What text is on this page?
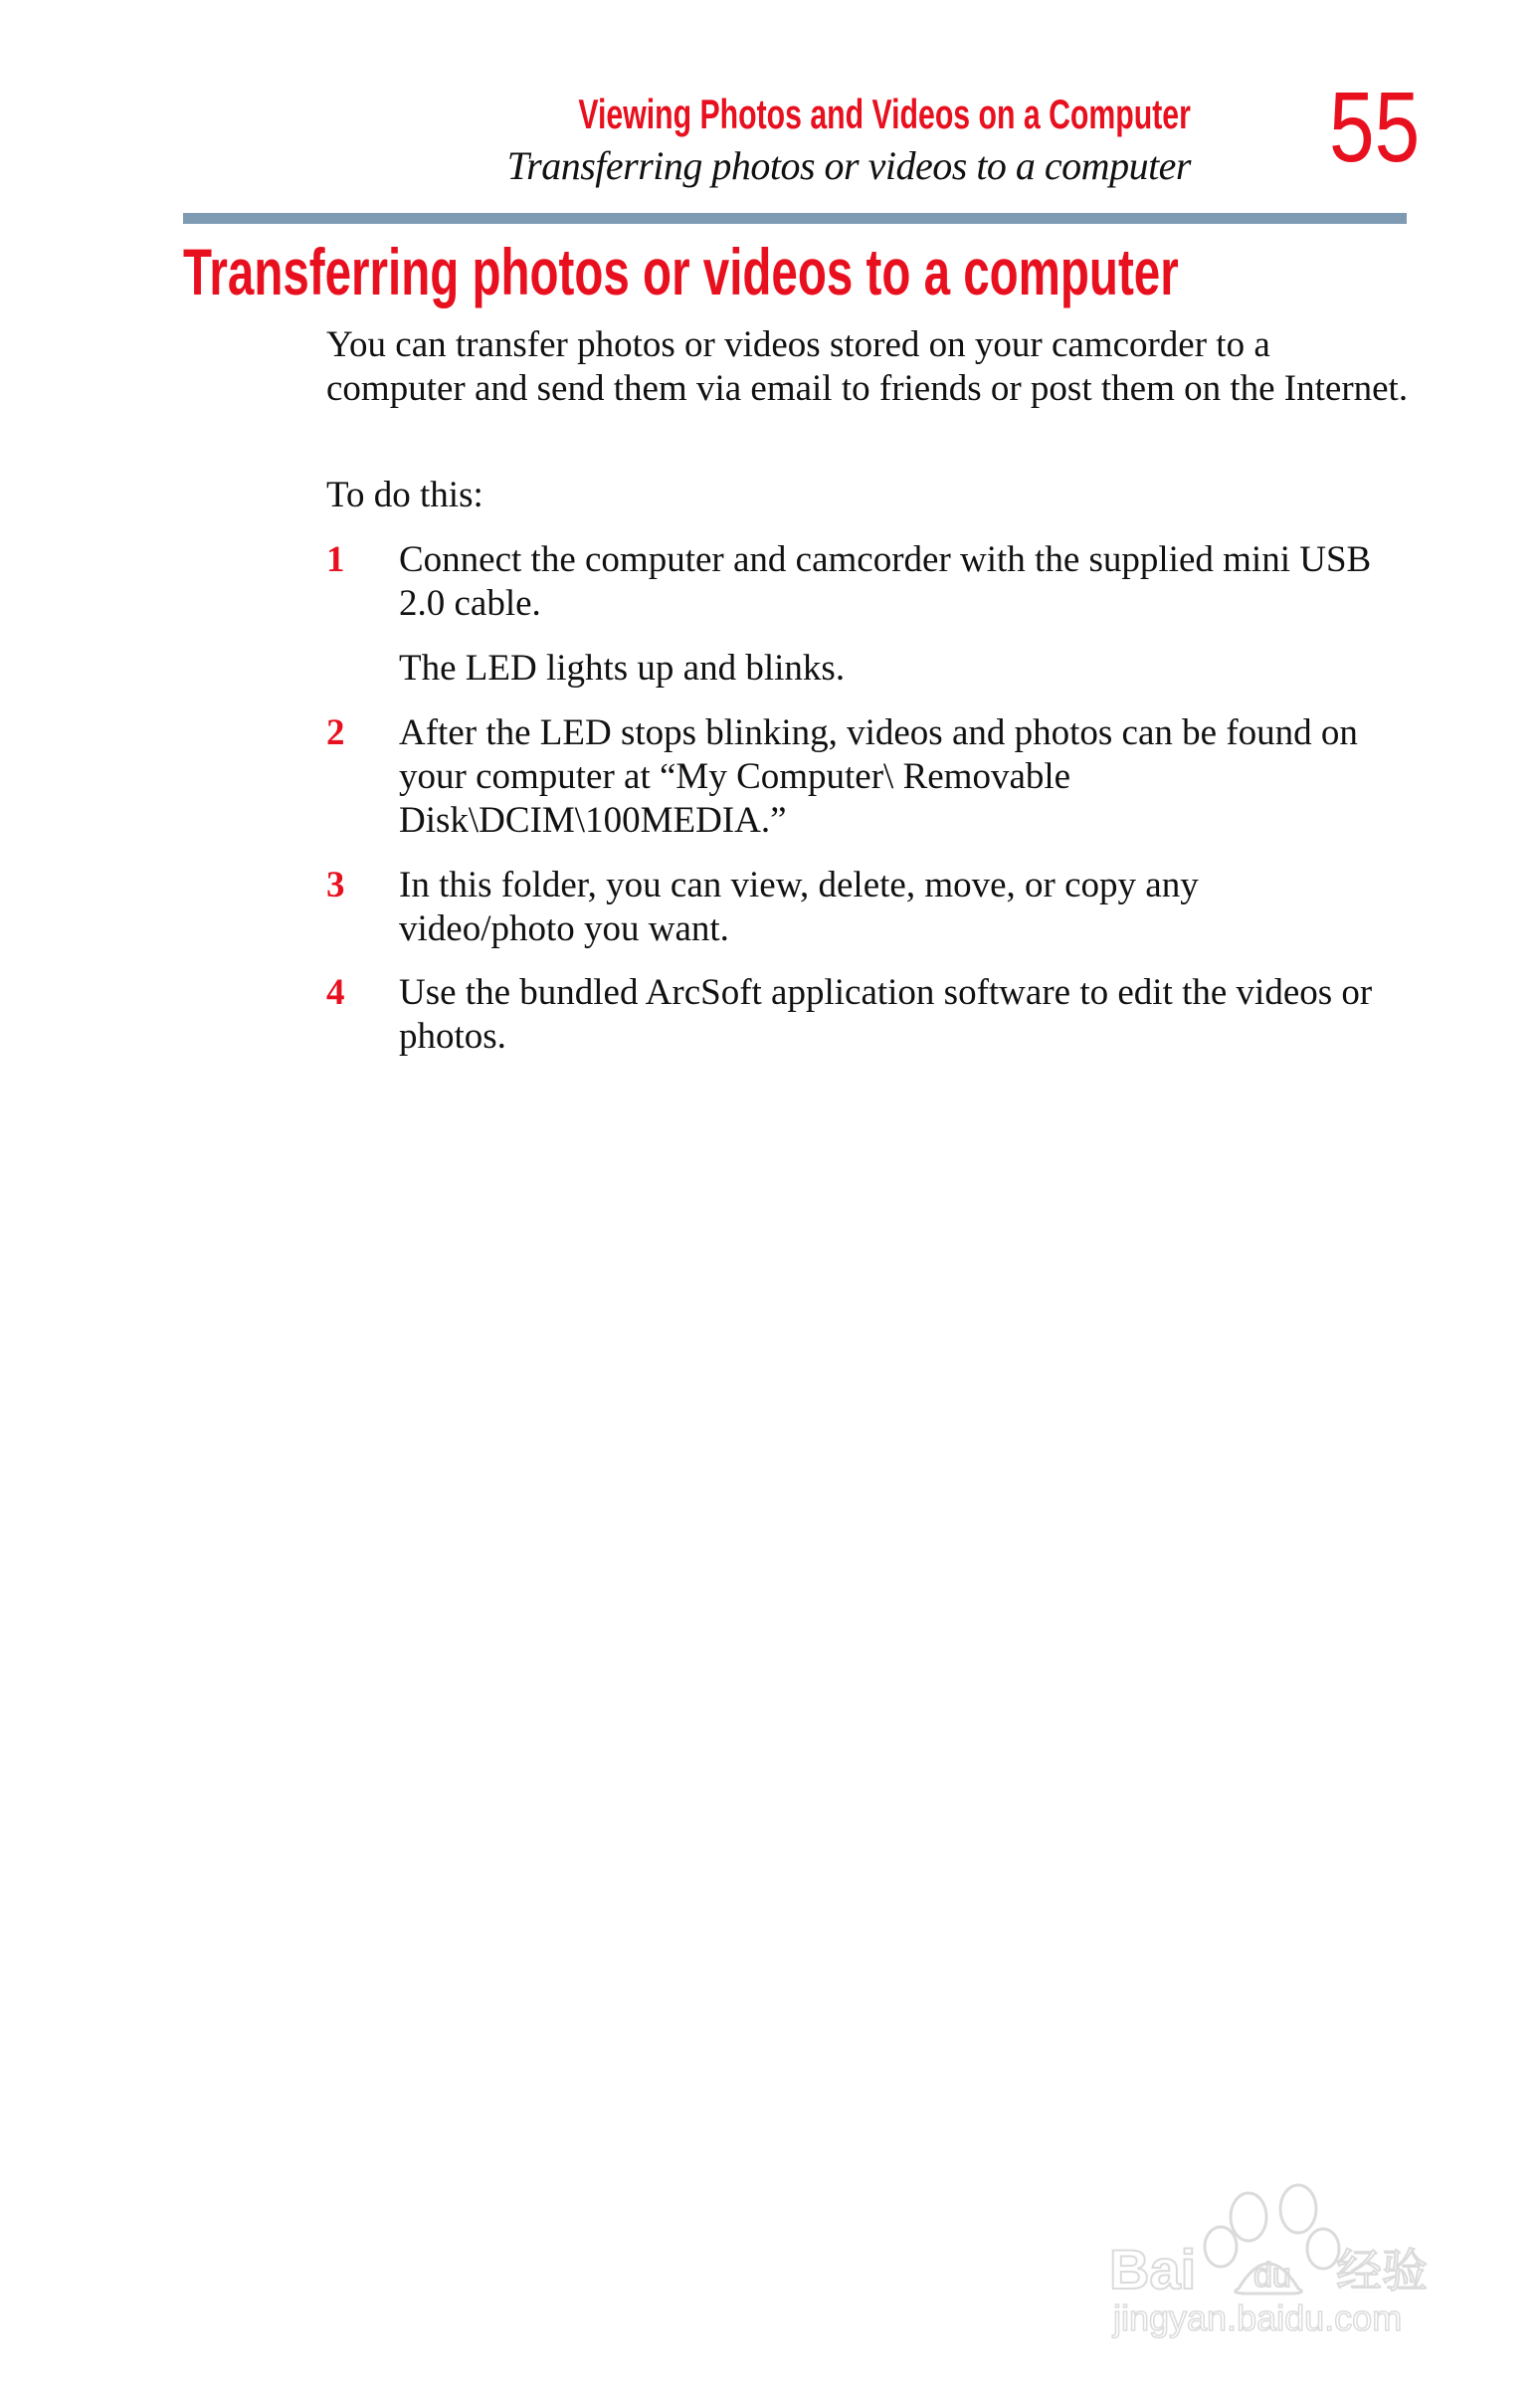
Viewing Photos and Videos on a Computer
Transferring photos or videos to a computer 55
Transferring photos or videos to a computer
You can transfer photos or videos stored on your camcorder to a computer and send them via email to friends or post them on the Internet.
To do this:
1 Connect the computer and camcorder with the supplied mini USB 2.0 cable.
The LED lights up and blinks.
2 After the LED stops blinking, videos and photos can be found on your computer at “My Computer\ Removable Disk\DCIM\100MEDIA.”
3 In this folder, you can view, delete, move, or copy any video/photo you want.
4 Use the bundled ArcSoft application software to edit the videos or photos.
Bai du 经验
jingyan.baidu.com
